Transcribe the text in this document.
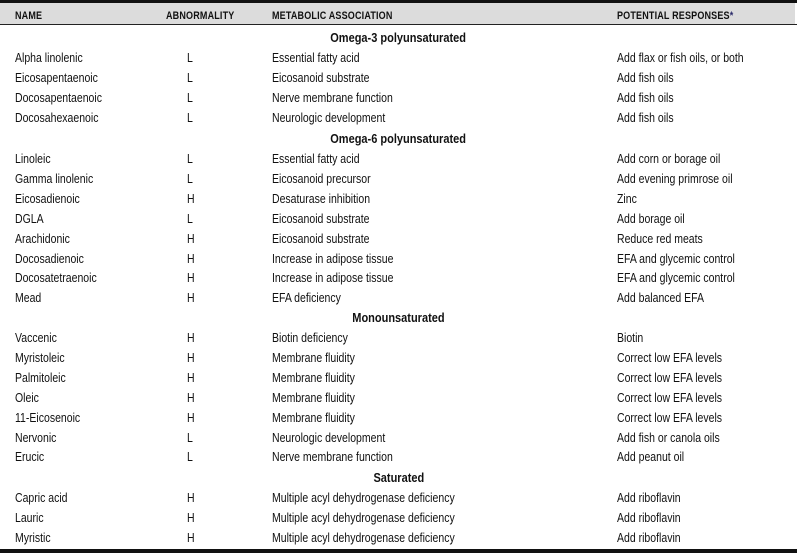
NAME	ABNORMALITY	METABOLIC ASSOCIATION	POTENTIAL RESPONSES*
Omega-3 polyunsaturated
Alpha linolenic	L	Essential fatty acid	Add flax or fish oils, or both
Eicosapentaenoic	L	Eicosanoid substrate	Add fish oils
Docosapentaenoic	L	Nerve membrane function	Add fish oils
Docosahexaenoic	L	Neurologic development	Add fish oils
Omega-6 polyunsaturated
Linoleic	L	Essential fatty acid	Add corn or borage oil
Gamma linolenic	L	Eicosanoid precursor	Add evening primrose oil
Eicosadienoic	H	Desaturase inhibition	Zinc
DGLA	L	Eicosanoid substrate	Add borage oil
Arachidonic	H	Eicosanoid substrate	Reduce red meats
Docosadienoic	H	Increase in adipose tissue	EFA and glycemic control
Docosatetraenoic	H	Increase in adipose tissue	EFA and glycemic control
Mead	H	EFA deficiency	Add balanced EFA
Monounsaturated
Vaccenic	H	Biotin deficiency	Biotin
Myristoleic	H	Membrane fluidity	Correct low EFA levels
Palmitoleic	H	Membrane fluidity	Correct low EFA levels
Oleic	H	Membrane fluidity	Correct low EFA levels
11-Eicosenoic	H	Membrane fluidity	Correct low EFA levels
Nervonic	L	Neurologic development	Add fish or canola oils
Erucic	L	Nerve membrane function	Add peanut oil
Saturated
Capric acid	H	Multiple acyl dehydrogenase deficiency	Add riboflavin
Lauric	H	Multiple acyl dehydrogenase deficiency	Add riboflavin
Myristic	H	Multiple acyl dehydrogenase deficiency	Add riboflavin
